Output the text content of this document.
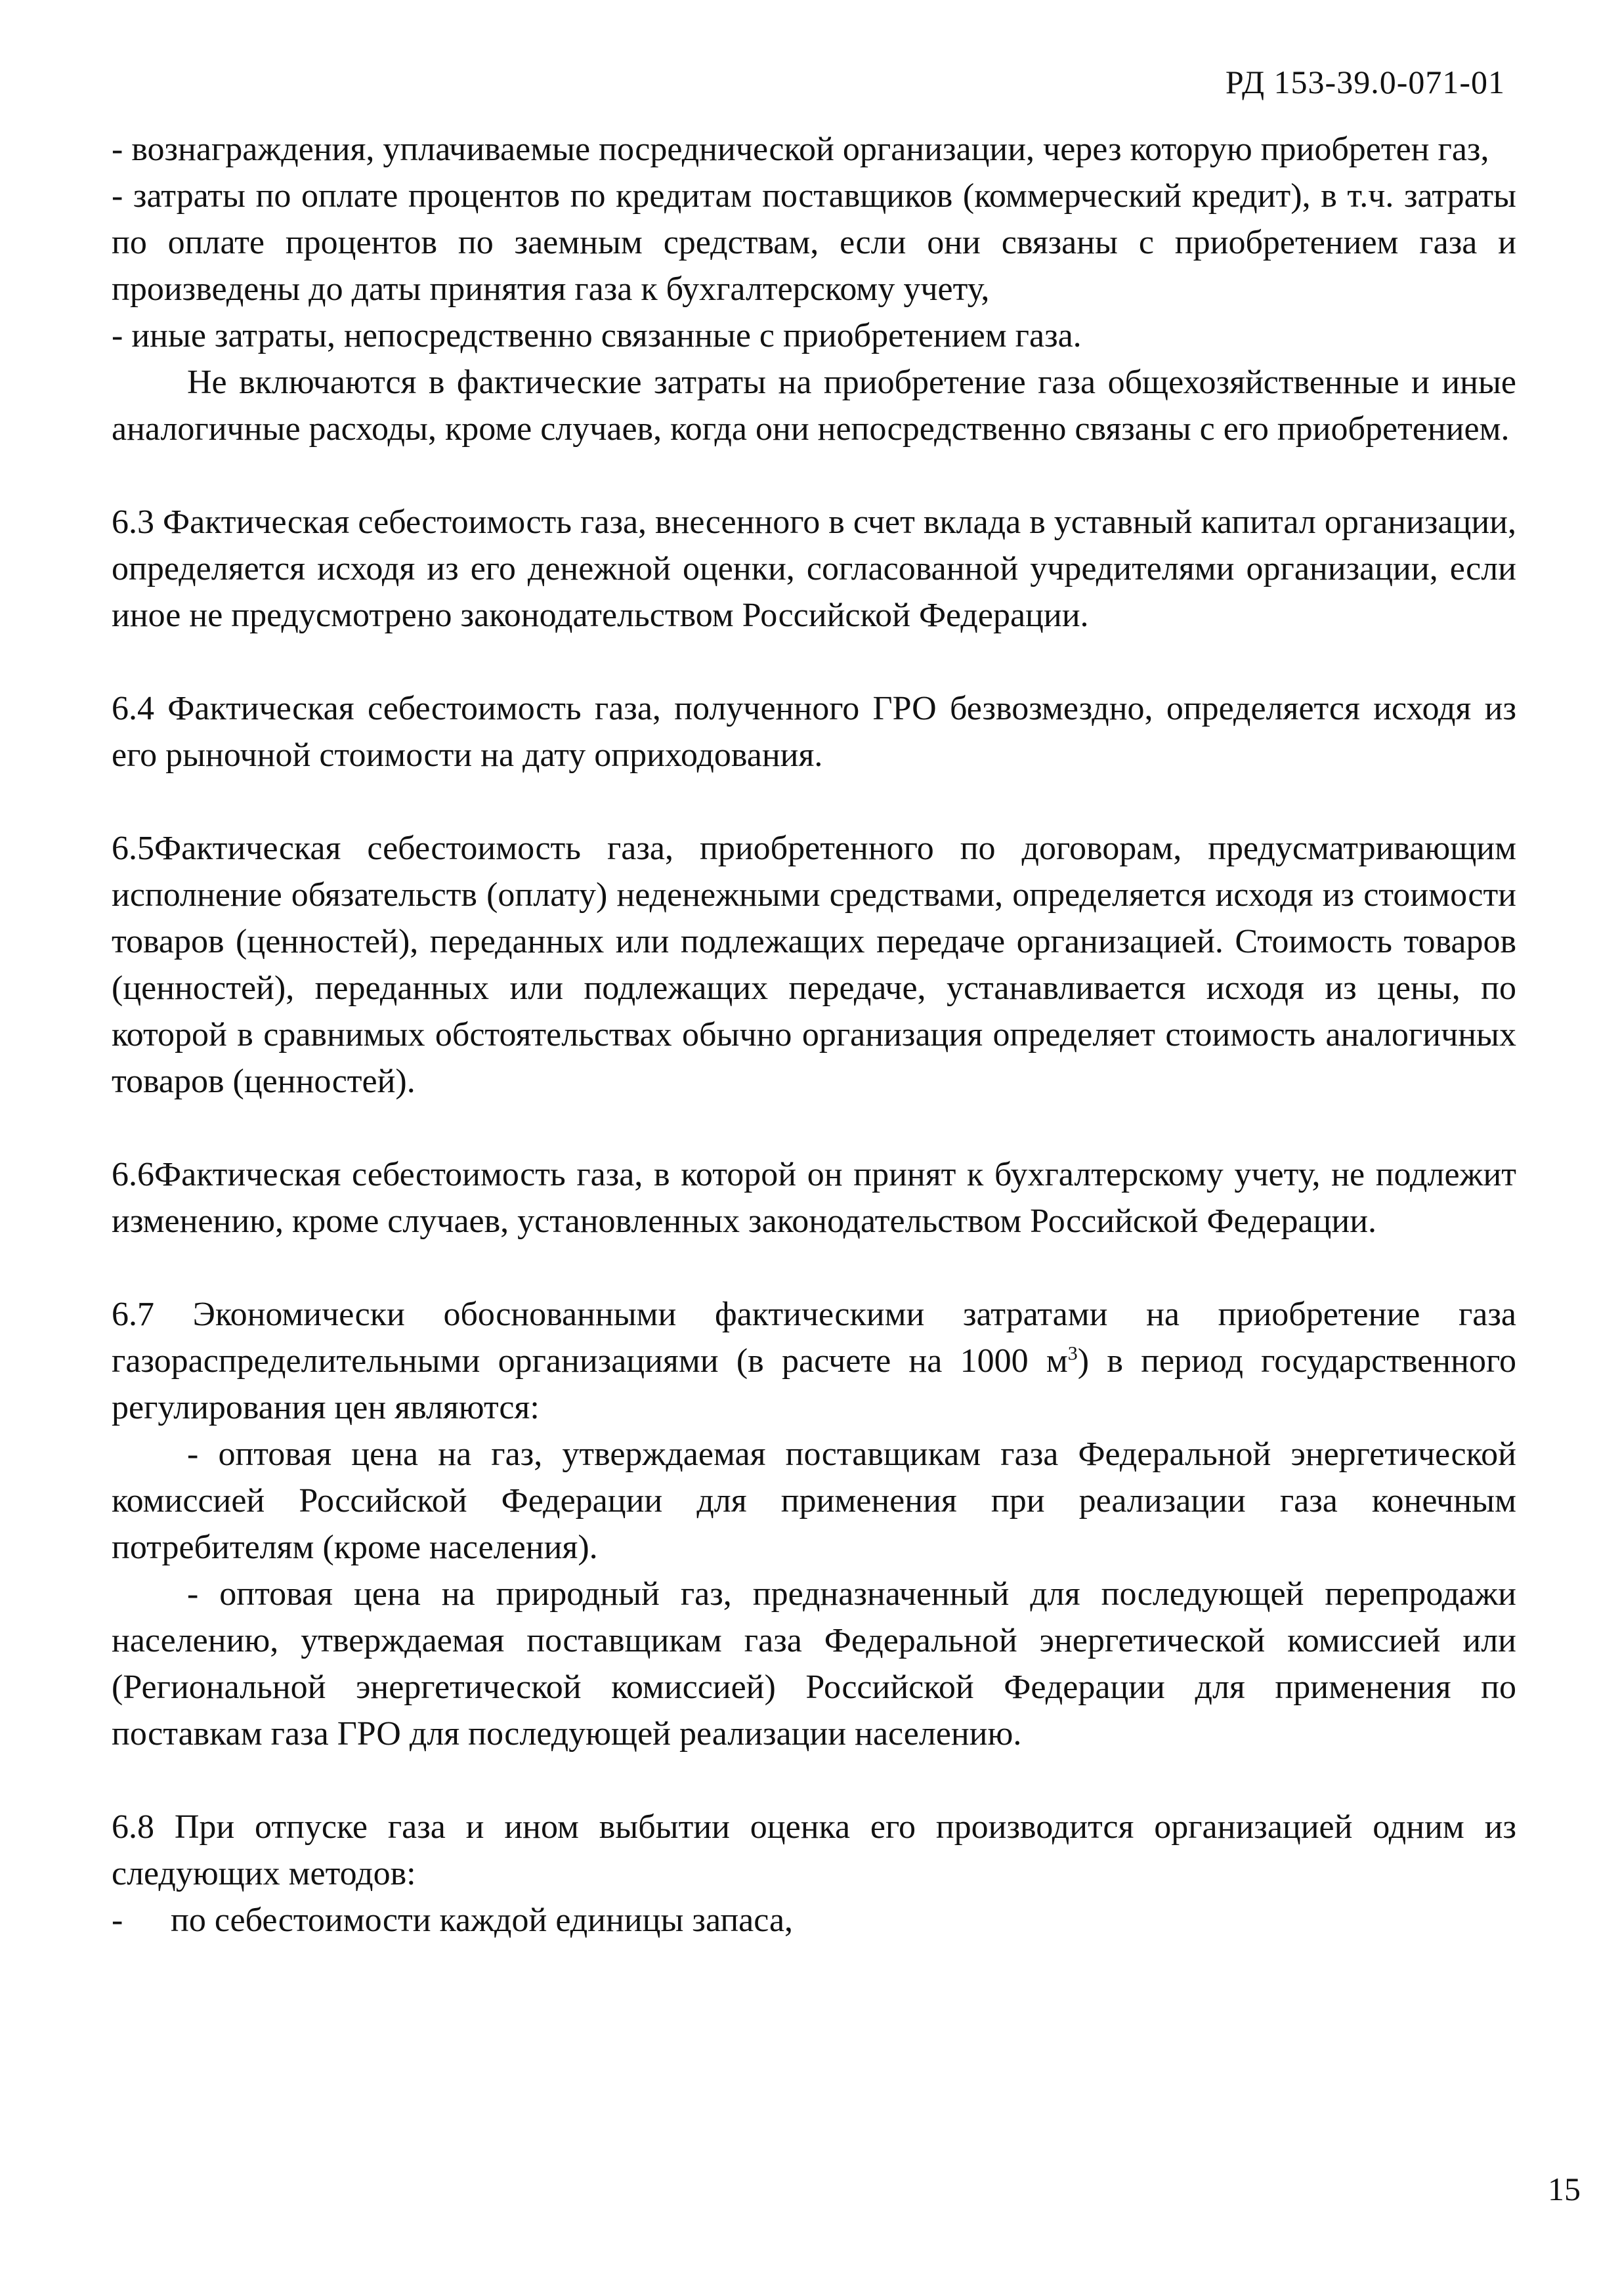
РД 153-39.0-071-01

- вознаграждения, уплачиваемые посреднической организации, через которую приобретен газ,

- затраты по оплате процентов по кредитам поставщиков (коммерческий кредит), в т.ч. затраты по оплате процентов по заемным средствам, если они связаны с приобретением газа и произведены до даты принятия газа к бухгалтерскому учету,

- иные затраты, непосредственно связанные с приобретением газа.

Не включаются в фактические затраты на приобретение газа общехозяйственные и иные аналогичные расходы, кроме случаев, когда они непосредственно связаны с его приобретением.

6.3 Фактическая себестоимость газа, внесенного в счет вклада в уставный капитал организации, определяется исходя из его денежной оценки, согласованной учредителями организации, если иное не предусмотрено законодательством Российской Федерации.

6.4 Фактическая себестоимость газа, полученного ГРО безвозмездно, определяется исходя из его рыночной стоимости на дату оприходования.

6.5Фактическая себестоимость газа, приобретенного по договорам, предусматривающим исполнение обязательств (оплату) неденежными средствами, определяется исходя из стоимости товаров (ценностей), переданных или подлежащих передаче организацией. Стоимость товаров (ценностей), переданных или подлежащих передаче, устанавливается исходя из цены, по которой в сравнимых обстоятельствах обычно организация определяет стоимость аналогичных товаров (ценностей).

6.6Фактическая себестоимость газа, в которой он принят к бухгалтерскому учету, не подлежит изменению, кроме случаев, установленных законодательством Российской Федерации.

6.7 Экономически обоснованными фактическими затратами на приобретение газа газораспределительными организациями (в расчете на 1000 $м^3$) в период государственного регулирования цен являются:

- оптовая цена на газ, утверждаемая поставщикам газа Федеральной энергетической комиссией Российской Федерации для применения при реализации газа конечным потребителям (кроме населения).

- оптовая цена на природный газ, предназначенный для последующей перепродажи населению, утверждаемая поставщикам газа Федеральной энергетической комиссией или (Региональной энергетической комиссией) Российской Федерации для применения по поставкам газа ГРО для последующей реализации населению.

6.8 При отпуске газа и ином выбытии оценка его производится организацией одним из следующих методов:

-	по себестоимости каждой единицы запаса,
15
